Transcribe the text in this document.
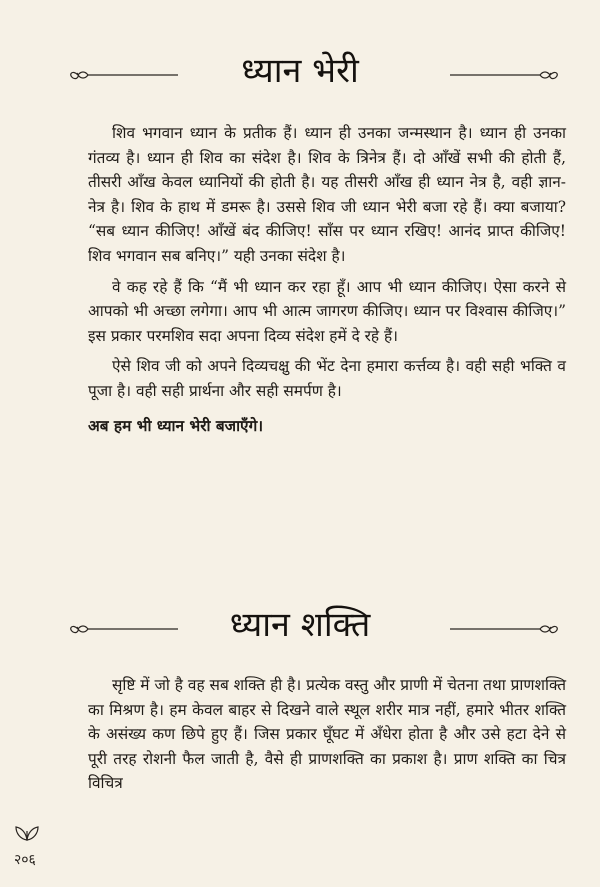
ध्यान भेरी

शिव भगवान ध्यान के प्रतीक हैं। ध्यान ही उनका जन्मस्थान है। ध्यान ही उनका गंतव्य है। ध्यान ही शिव का संदेश है। शिव के त्रिनेत्र हैं। दो आँखें सभी की होती हैं, तीसरी आँख केवल ध्यानियों की होती है। यह तीसरी आँख ही ध्यान नेत्र है, वही ज्ञान-नेत्र है। शिव के हाथ में डमरू है। उससे शिव जी ध्यान भेरी बजा रहे हैं। क्या बजाया? “सब ध्यान कीजिए! आँखें बंद कीजिए! साँस पर ध्यान रखिए! आनंद प्राप्त कीजिए! शिव भगवान सब बनिए।” यही उनका संदेश है।

वे कह रहे हैं कि “मैं भी ध्यान कर रहा हूँ। आप भी ध्यान कीजिए। ऐसा करने से आपको भी अच्छा लगेगा। आप भी आत्म जागरण कीजिए। ध्यान पर विश्वास कीजिए।” इस प्रकार परमशिव सदा अपना दिव्य संदेश हमें दे रहे हैं।

ऐसे शिव जी को अपने दिव्यचक्षु की भेंट देना हमारा कर्त्तव्य है। वही सही भक्ति व पूजा है। वही सही प्रार्थना और सही समर्पण है।

अब हम भी ध्यान भेरी बजाएँगे।

ध्यान शक्ति

सृष्टि में जो है वह सब शक्ति ही है। प्रत्येक वस्तु और प्राणी में चेतना तथा प्राणशक्ति का मिश्रण है। हम केवल बाहर से दिखने वाले स्थूल शरीर मात्र नहीं, हमारे भीतर शक्ति के असंख्य कण छिपे हुए हैं। जिस प्रकार घूँघट में अँधेरा होता है और उसे हटा देने से पूरी तरह रोशनी फैल जाती है, वैसे ही प्राणशक्ति का प्रकाश है। प्राण शक्ति का चित्र विचित्र

२०६
